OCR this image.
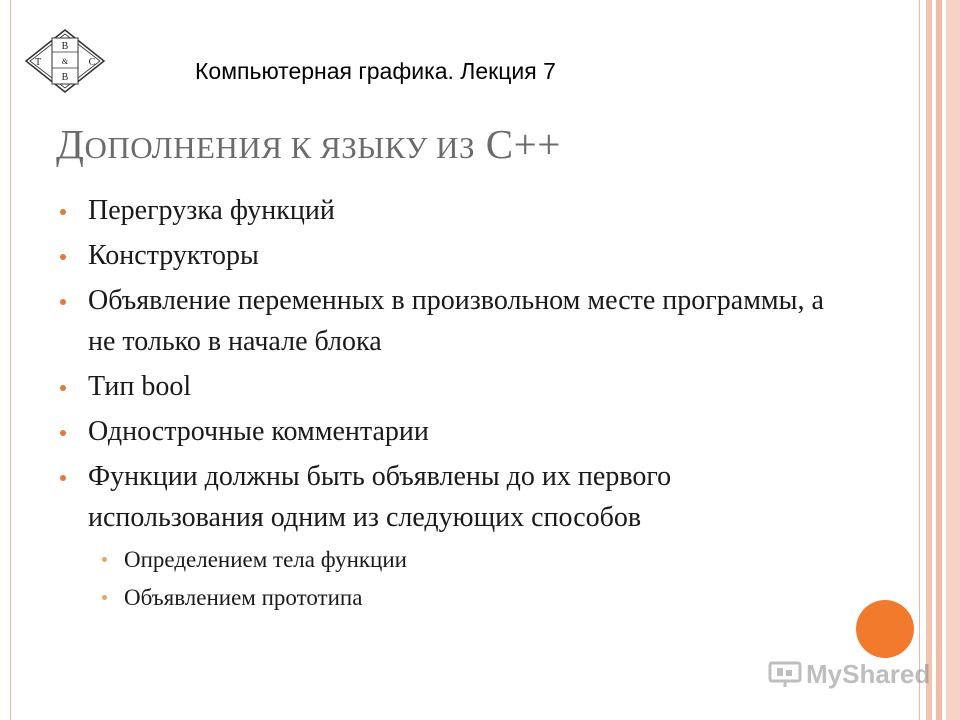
В
Т	С
&
В	Компьютерная графика. Лекция 7
ДОПОЛНЕНИЯ К ЯЗЫКУ ИЗ С++
Перегрузка функций
Конструкторы
Объявление переменных в произвольном месте программы, а не только в начале блока
Тип bool
Однострочные комментарии
Функции должны быть объявлены до их первого использования одним из следующих способов
Определением тела функции
Объявлением прототипа
MyShared
